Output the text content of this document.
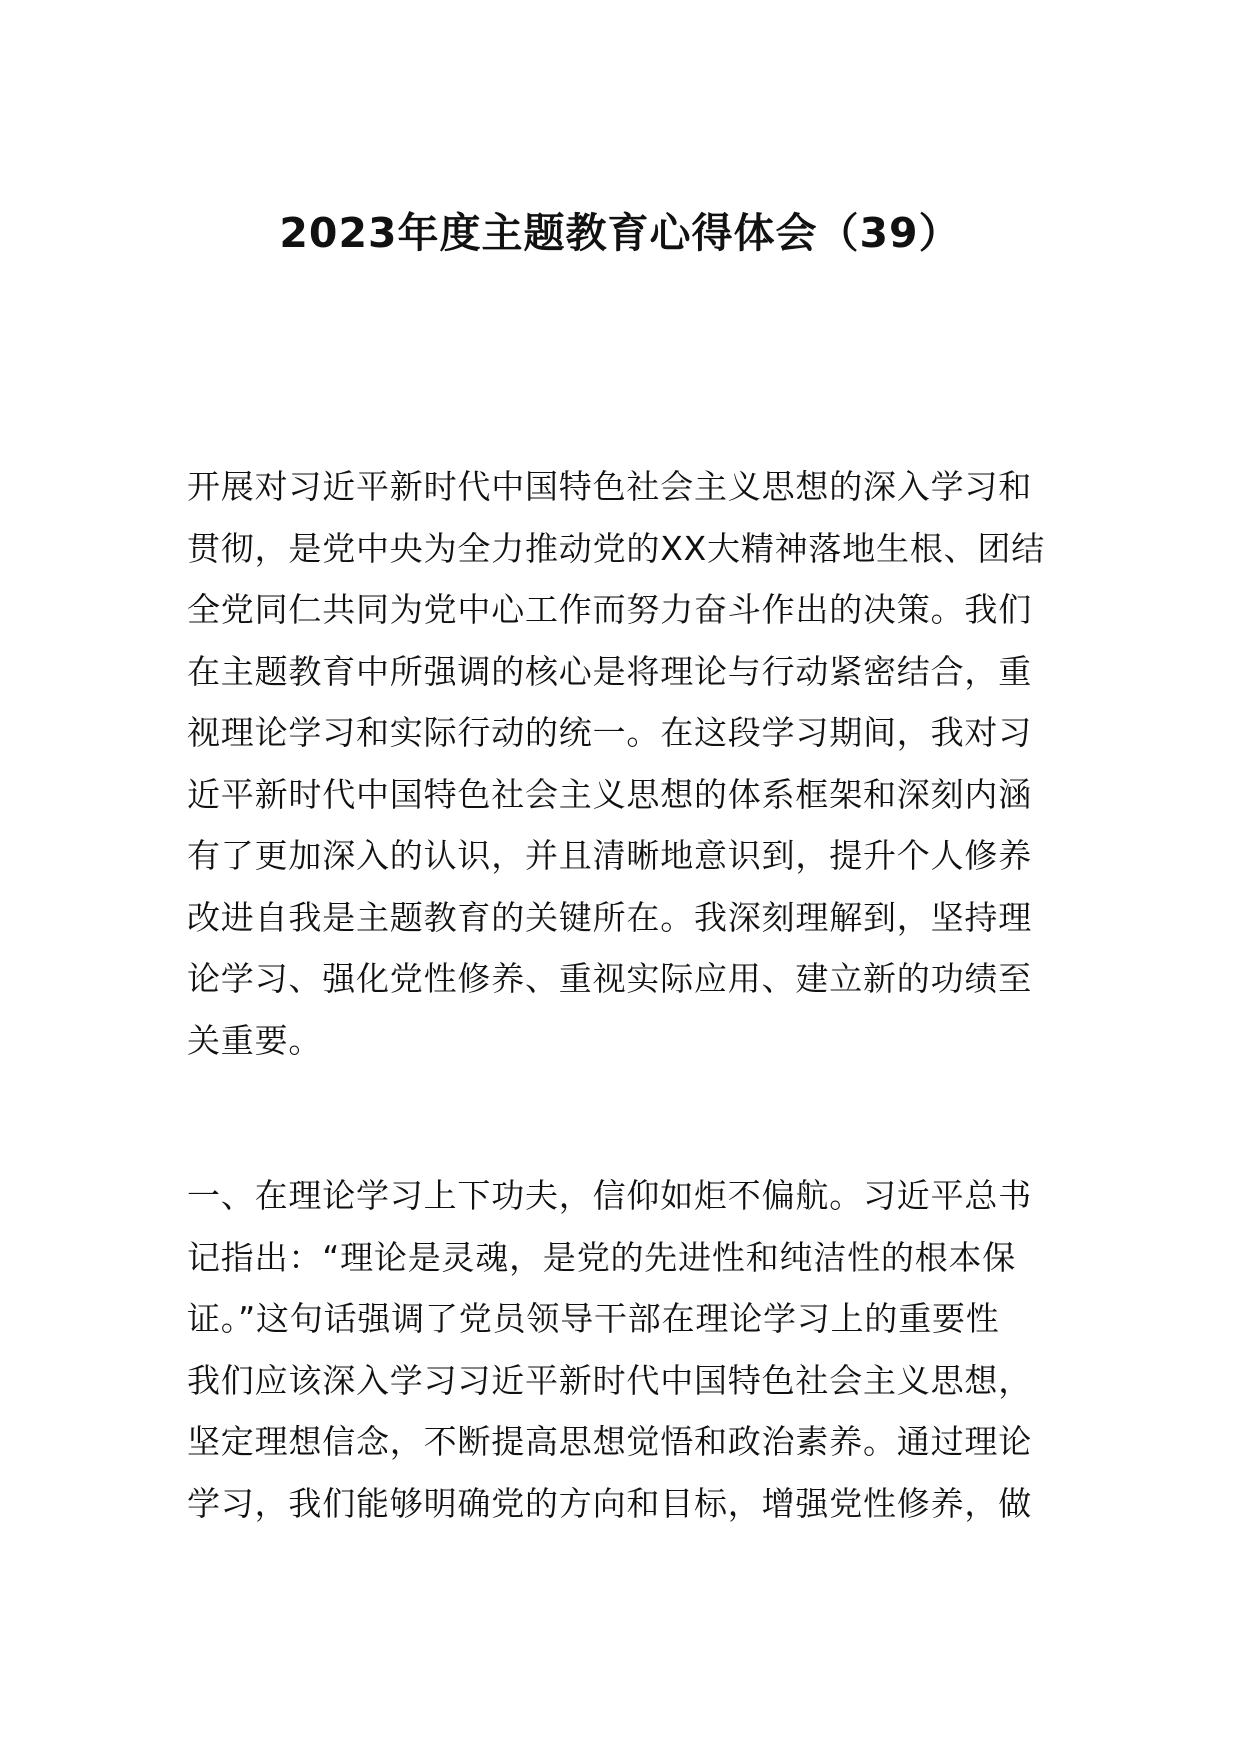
2023年度主题教育心得体会（39）
开展对习近平新时代中国特色社会主义思想的深入学习和
贯彻，是党中央为全力推动党的XX大精神落地生根、团结
全党同仁共同为党中心工作而努力奋斗作出的决策。我们
在主题教育中所强调的核心是将理论与行动紧密结合，重
视理论学习和实际行动的统一。在这段学习期间，我对习
近平新时代中国特色社会主义思想的体系框架和深刻内涵
有了更加深入的认识，并且清晰地意识到，提升个人修养
改进自我是主题教育的关键所在。我深刻理解到，坚持理
论学习、强化党性修养、重视实际应用、建立新的功绩至
关重要。
一、在理论学习上下功夫，信仰如炬不偏航。习近平总书
记指出：“理论是灵魂，是党的先进性和纯洁性的根本保
证。”这句话强调了党员领导干部在理论学习上的重要性
我们应该深入学习习近平新时代中国特色社会主义思想，
坚定理想信念，不断提高思想觉悟和政治素养。通过理论
学习，我们能够明确党的方向和目标，增强党性修养，做
